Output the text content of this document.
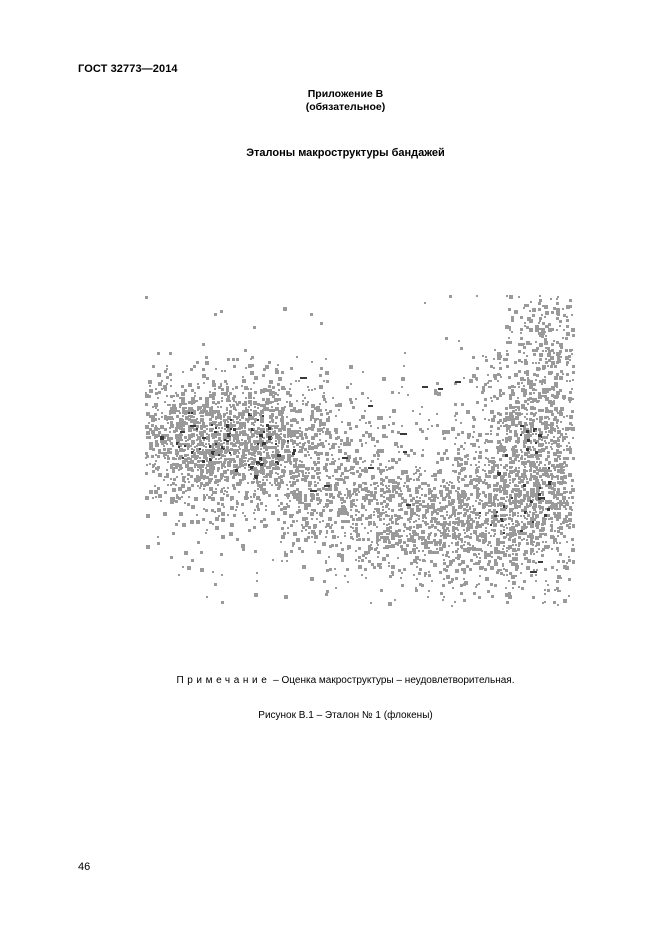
ГОСТ 32773—2014
Приложение В
(обязательное)
Эталоны макроструктуры бандажей
Примечание – Оценка макроструктуры – неудовлетворительная.
Рисунок В.1 – Эталон № 1 (флокены)
46
